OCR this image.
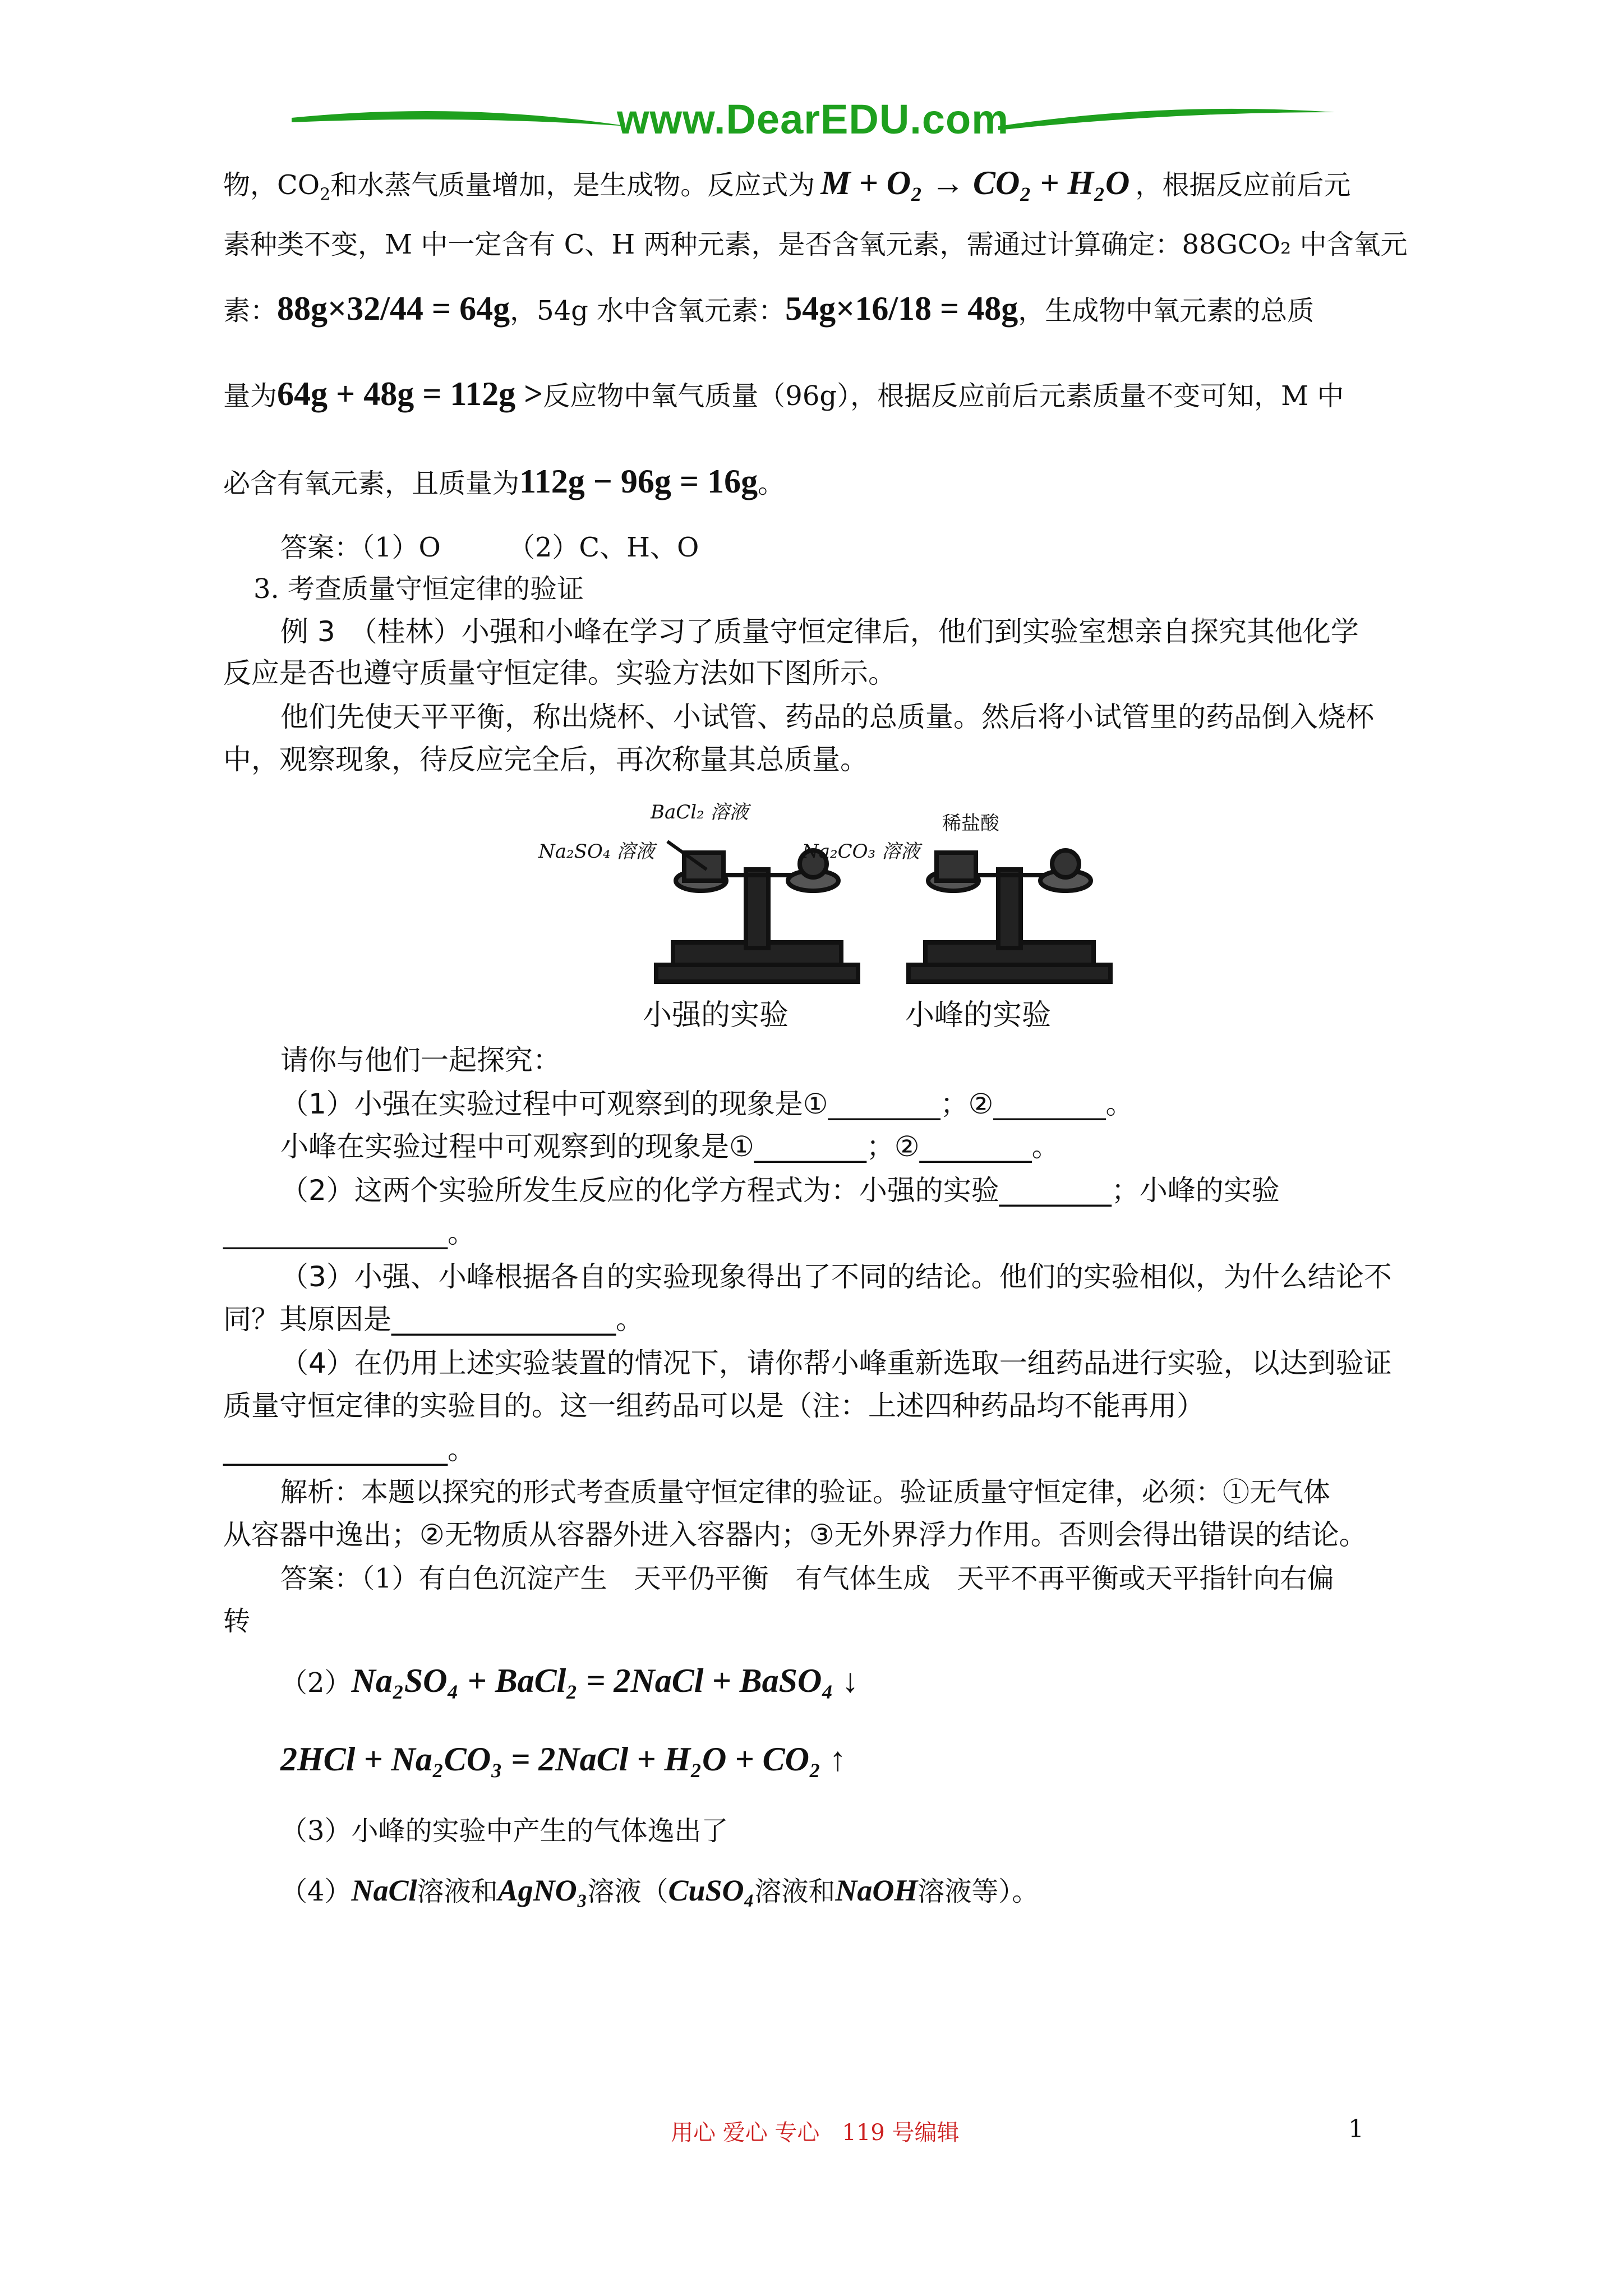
www.DearEDU.com
物，$CO_2$和水蒸气质量增加，是生成物。反应式为 M + O₂ → CO₂ + H₂O ，根据反应前后元
素种类不变，M 中一定含有 C、H 两种元素，是否含氧元素，需通过计算确定：88GCO₂ 中含氧元
素：88g×32/44 = 64g，54g 水中含氧元素：54g×16/18 = 48g，生成物中氧元素的总质
量为64g + 48g = 112g >反应物中氧气质量（96g），根据反应前后元素质量不变可知，M 中
必含有氧元素，且质量为112g − 96g = 16g。
答案：（1）O　　　（2）C、H、O
3. 考查质量守恒定律的验证
例 3　（桂林）小强和小峰在学习了质量守恒定律后，他们到实验室想亲自探究其他化学
反应是否也遵守质量守恒定律。实验方法如下图所示。
他们先使天平平衡，称出烧杯、小试管、药品的总质量。然后将小试管里的药品倒入烧杯
中，观察现象，待反应完全后，再次称量其总质量。
BaCl₂ 溶液
Na₂SO₄ 溶液	Na₂CO₃ 溶液
稀盐酸
小强的实验	小峰的实验
请你与他们一起探究：
（1）小强在实验过程中可观察到的现象是①________；②________。
小峰在实验过程中可观察到的现象是①________；②________。
（2）这两个实验所发生反应的化学方程式为：小强的实验________；小峰的实验
________________。
（3）小强、小峰根据各自的实验现象得出了不同的结论。他们的实验相似，为什么结论不
同？其原因是________________。
（4）在仍用上述实验装置的情况下，请你帮小峰重新选取一组药品进行实验，以达到验证
质量守恒定律的实验目的。这一组药品可以是（注：上述四种药品均不能再用）
________________。
解析：本题以探究的形式考查质量守恒定律的验证。验证质量守恒定律，必须：①无气体
从容器中逸出；②无物质从容器外进入容器内；③无外界浮力作用。否则会得出错误的结论。
答案：（1）有白色沉淀产生　天平仍平衡　有气体生成　天平不再平衡或天平指针向右偏
转
（2）Na₂SO₄ + BaCl₂ = 2NaCl + BaSO₄ ↓
2HCl + Na₂CO₃ = 2NaCl + H₂O + CO₂ ↑
（3）小峰的实验中产生的气体逸出了
（4）NaCl溶液和AgNO₃溶液（CuSO₄溶液和NaOH溶液等）。
用心 爱心 专心　119 号编辑	1
